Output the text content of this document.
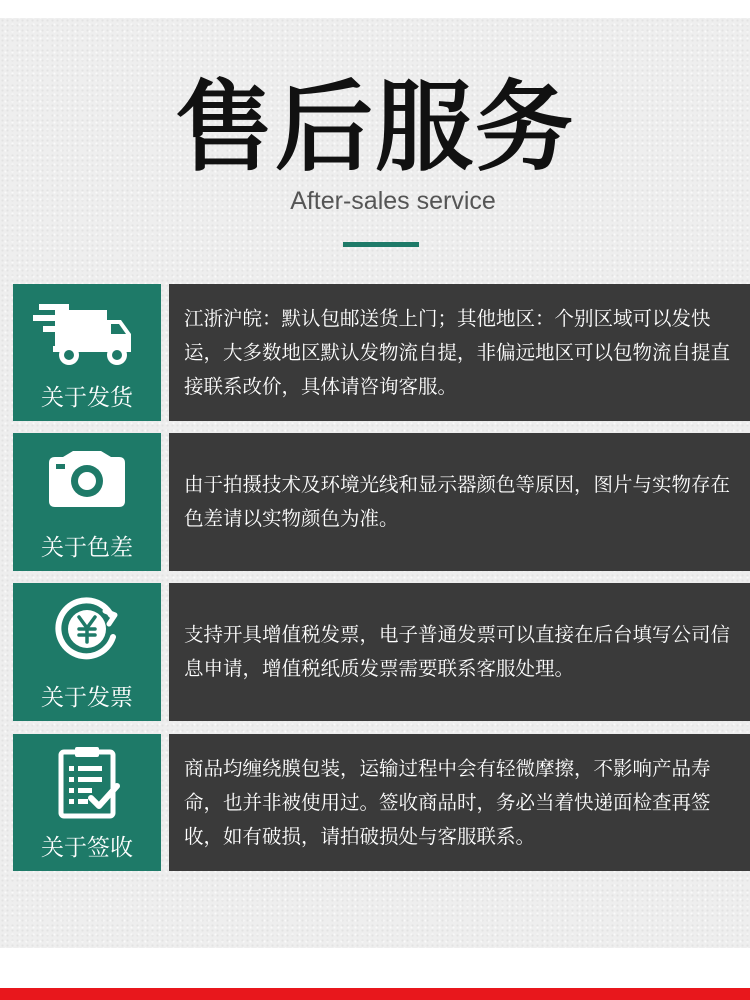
售后服务
After-sales service
关于发货
江浙沪皖：默认包邮送货上门；其他地区：个别区域可以发快运，大多数地区默认发物流自提，非偏远地区可以包物流自提直接联系改价，具体请咨询客服。
关于色差
由于拍摄技术及环境光线和显示器颜色等原因，图片与实物存在色差请以实物颜色为准。
关于发票
支持开具增值税发票，电子普通发票可以直接在后台填写公司信息申请，增值税纸质发票需要联系客服处理。
关于签收
商品均缠绕膜包装，运输过程中会有轻微摩擦，不影响产品寿命，也并非被使用过。签收商品时，务必当着快递面检查再签收，如有破损，请拍破损处与客服联系。
